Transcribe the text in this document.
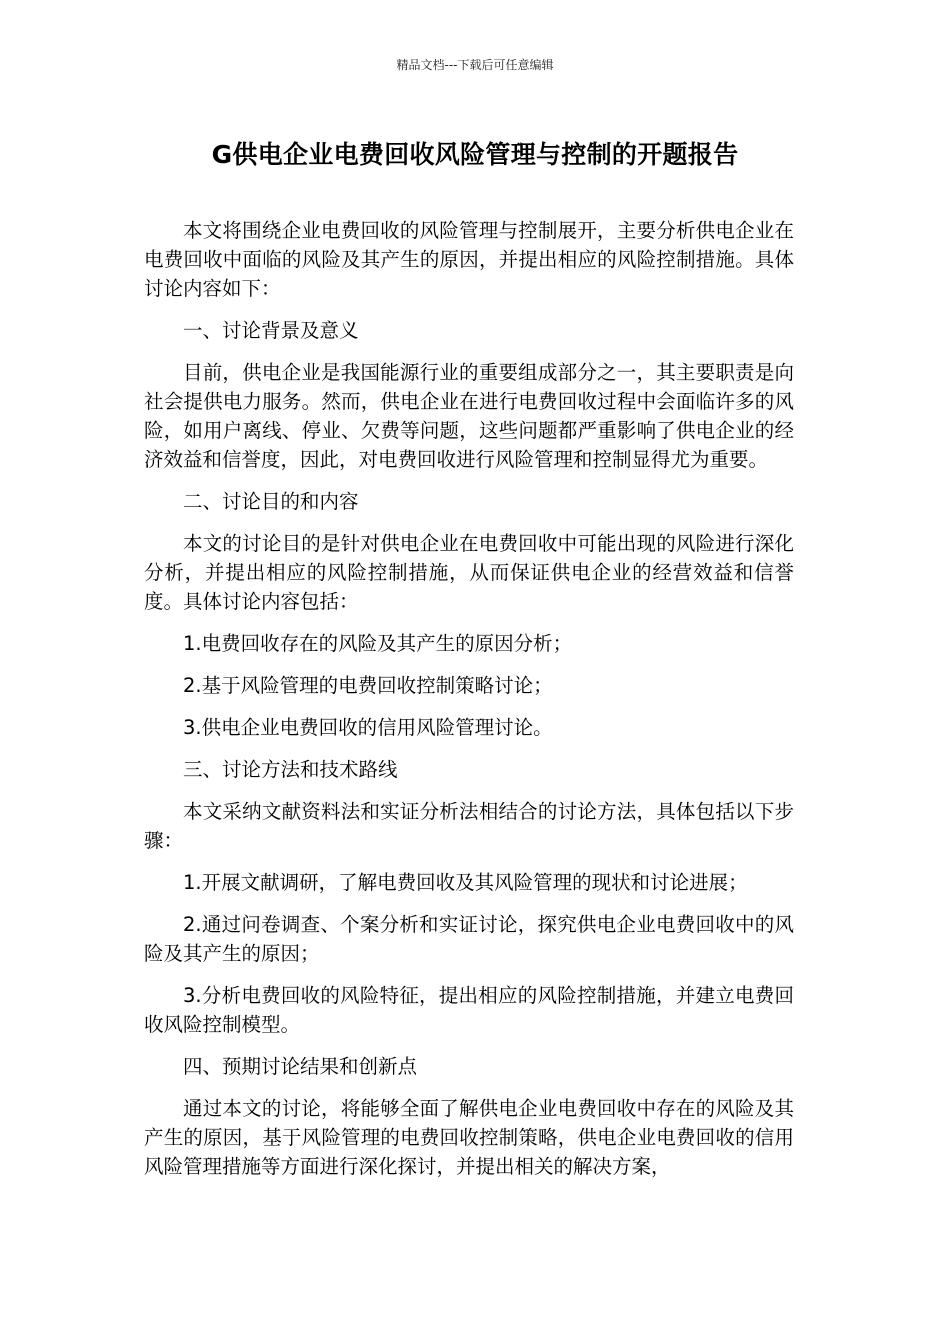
精品文档---下载后可任意编辑
G供电企业电费回收风险管理与控制的开题报告

本文将围绕企业电费回收的风险管理与控制展开，主要分析供电企业在电费回收中面临的风险及其产生的原因，并提出相应的风险控制措施。具体讨论内容如下：

一、讨论背景及意义

目前，供电企业是我国能源行业的重要组成部分之一，其主要职责是向社会提供电力服务。然而，供电企业在进行电费回收过程中会面临许多的风险，如用户离线、停业、欠费等问题，这些问题都严重影响了供电企业的经济效益和信誉度，因此，对电费回收进行风险管理和控制显得尤为重要。

二、讨论目的和内容

本文的讨论目的是针对供电企业在电费回收中可能出现的风险进行深化分析，并提出相应的风险控制措施，从而保证供电企业的经营效益和信誉度。具体讨论内容包括：

1.电费回收存在的风险及其产生的原因分析；

2.基于风险管理的电费回收控制策略讨论；

3.供电企业电费回收的信用风险管理讨论。

三、讨论方法和技术路线

本文采纳文献资料法和实证分析法相结合的讨论方法，具体包括以下步骤：

1.开展文献调研，了解电费回收及其风险管理的现状和讨论进展；

2.通过问卷调查、个案分析和实证讨论，探究供电企业电费回收中的风险及其产生的原因；

3.分析电费回收的风险特征，提出相应的风险控制措施，并建立电费回收风险控制模型。

四、预期讨论结果和创新点

通过本文的讨论，将能够全面了解供电企业电费回收中存在的风险及其产生的原因，基于风险管理的电费回收控制策略，供电企业电费回收的信用风险管理措施等方面进行深化探讨，并提出相关的解决方案，
